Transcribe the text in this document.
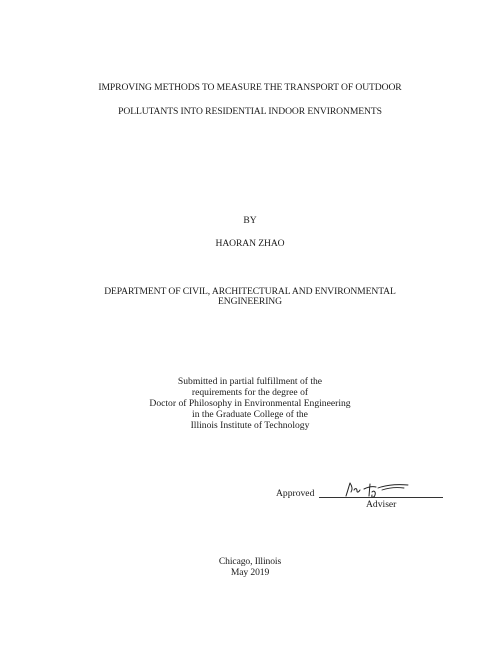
IMPROVING METHODS TO MEASURE THE TRANSPORT OF OUTDOOR
POLLUTANTS INTO RESIDENTIAL INDOOR ENVIRONMENTS
BY
HAORAN ZHAO
DEPARTMENT OF CIVIL, ARCHITECTURAL AND ENVIRONMENTAL
ENGINEERING
Submitted in partial fulfillment of the
requirements for the degree of
Doctor of Philosophy in Environmental Engineering
in the Graduate College of the
Illinois Institute of Technology
Approved
Adviser
Chicago, Illinois
May 2019
